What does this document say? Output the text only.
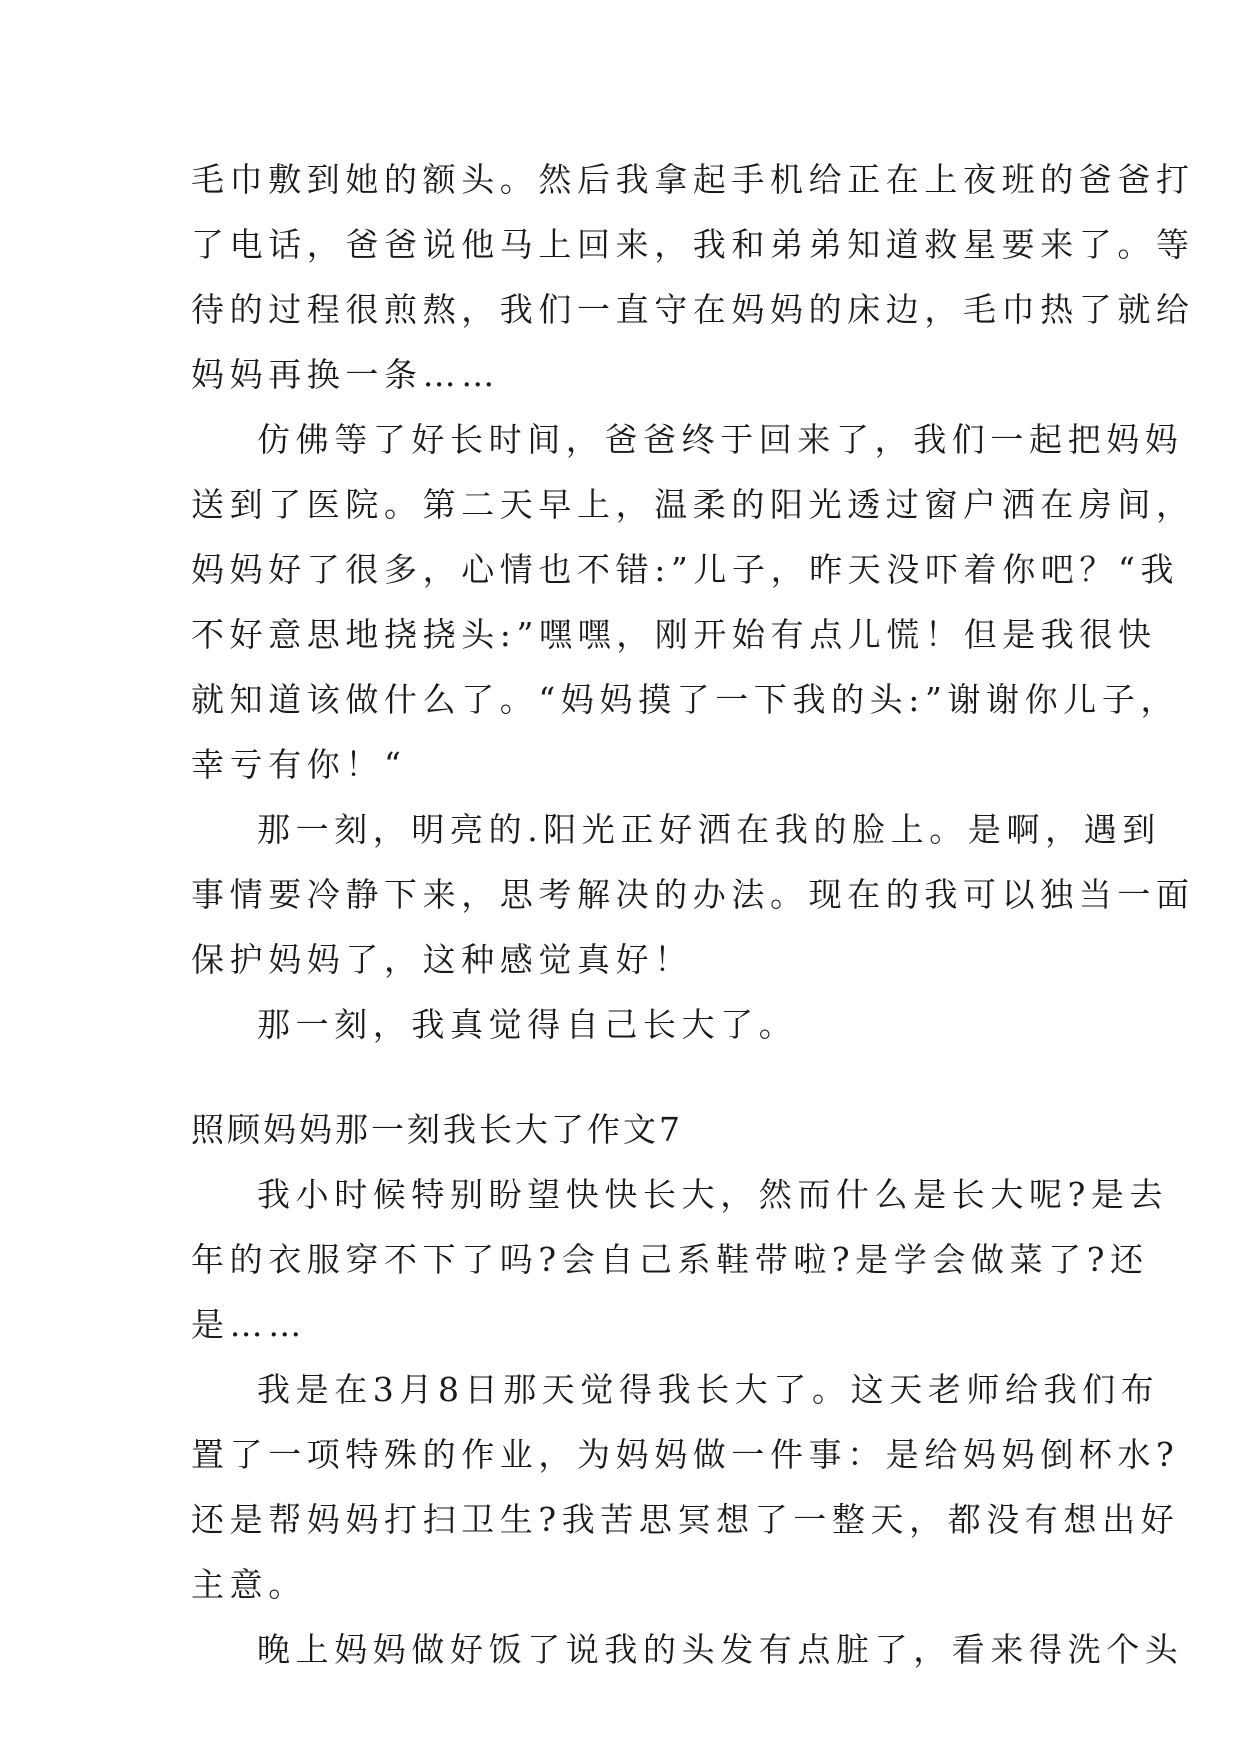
毛巾敷到她的额头。然后我拿起手机给正在上夜班的爸爸打
了电话，爸爸说他马上回来，我和弟弟知道救星要来了。等
待的过程很煎熬，我们一直守在妈妈的床边，毛巾热了就给
妈妈再换一条……
仿佛等了好长时间，爸爸终于回来了，我们一起把妈妈
送到了医院。第二天早上，温柔的阳光透过窗户洒在房间，
妈妈好了很多，心情也不错:”儿子，昨天没吓着你吧？“我
不好意思地挠挠头:”嘿嘿，刚开始有点儿慌！但是我很快
就知道该做什么了。“妈妈摸了一下我的头:”谢谢你儿子，
幸亏有你！“
那一刻，明亮的.阳光正好洒在我的脸上。是啊，遇到
事情要冷静下来，思考解决的办法。现在的我可以独当一面
保护妈妈了，这种感觉真好！
那一刻，我真觉得自己长大了。
照顾妈妈那一刻我长大了作文7
我小时候特别盼望快快长大，然而什么是长大呢?是去
年的衣服穿不下了吗?会自己系鞋带啦?是学会做菜了?还
是……
我是在3月8日那天觉得我长大了。这天老师给我们布
置了一项特殊的作业，为妈妈做一件事：是给妈妈倒杯水?
还是帮妈妈打扫卫生?我苦思冥想了一整天，都没有想出好
主意。
晚上妈妈做好饭了说我的头发有点脏了，看来得洗个头
